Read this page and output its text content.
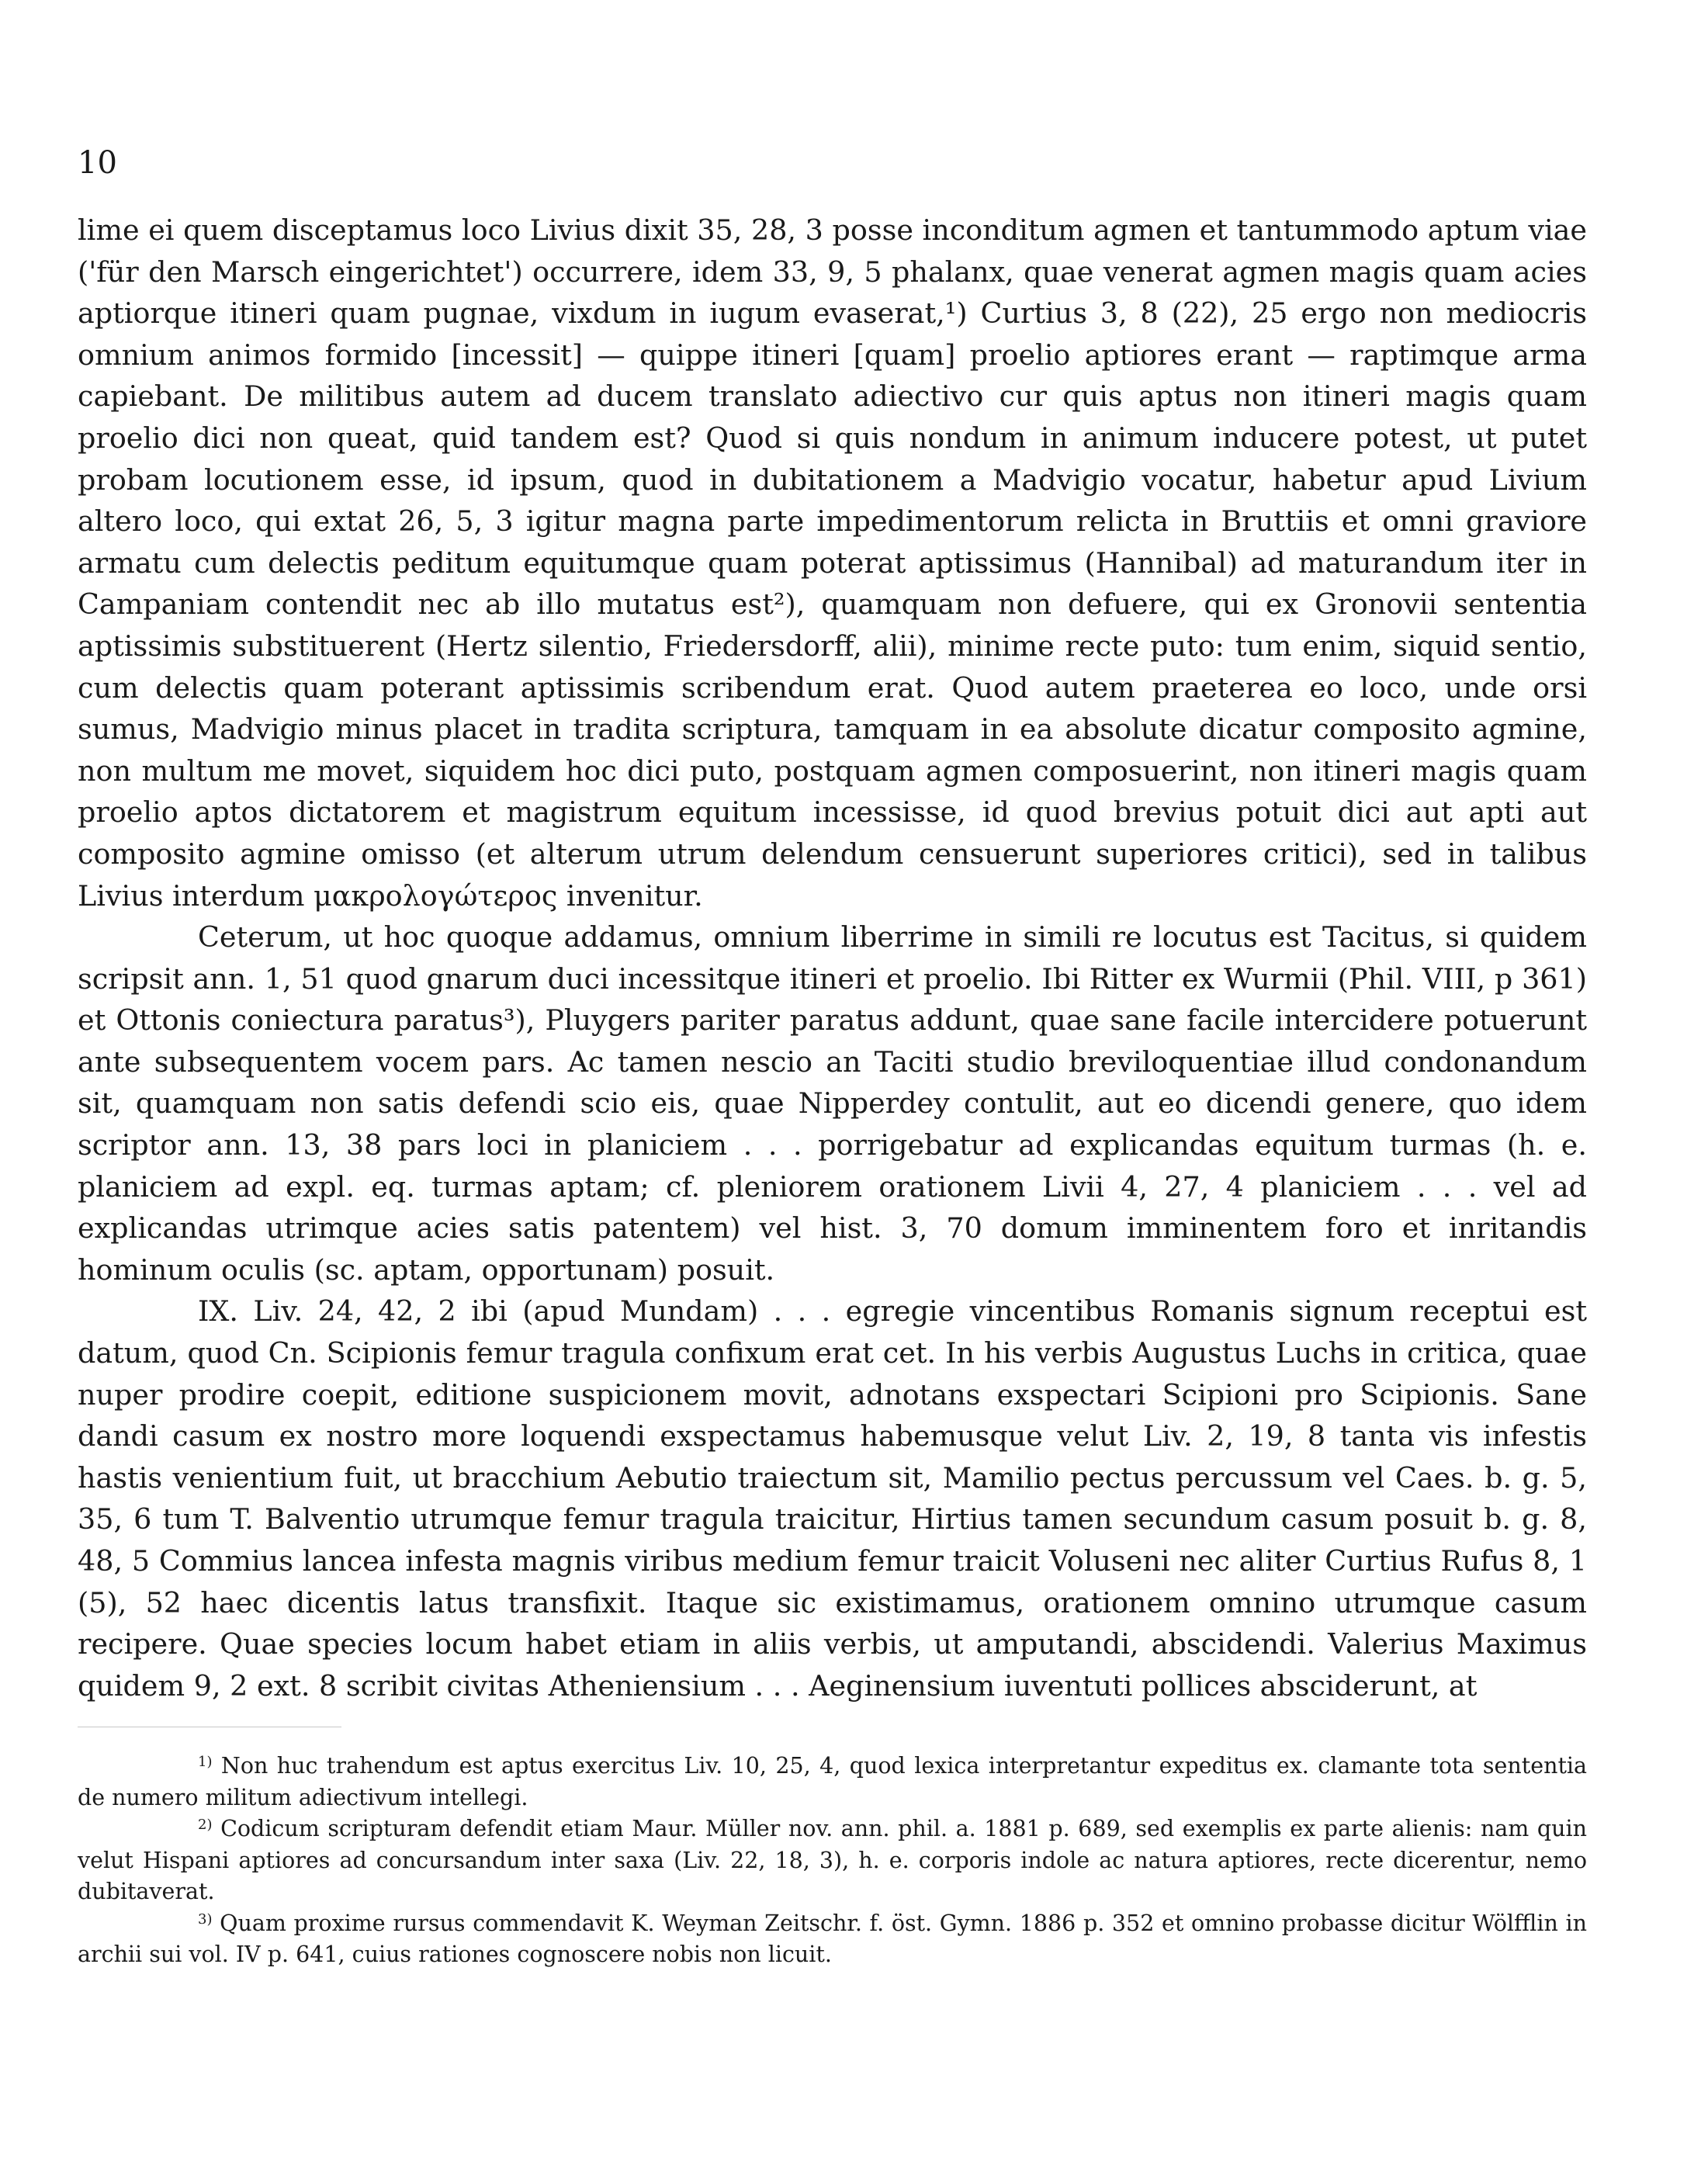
10

lime ei quem disceptamus loco Livius dixit 35, 28, 3 posse inconditum agmen et tantummodo aptum viae ('für den Marsch eingerichtet') occurrere, idem 33, 9, 5 phalanx, quae venerat agmen magis quam acies aptiorque itineri quam pugnae, vixdum in iugum evaserat,¹) Curtius 3, 8 (22), 25 ergo non mediocris omnium animos formido [incessit] — quippe itineri [quam] proelio aptiores erant — raptimque arma capiebant. De militibus autem ad ducem translato adiectivo cur quis aptus non itineri magis quam proelio dici non queat, quid tandem est? Quod si quis nondum in animum inducere potest, ut putet probam locutionem esse, id ipsum, quod in dubitationem a Madvigio vocatur, habetur apud Livium altero loco, qui extat 26, 5, 3 igitur magna parte impedimentorum relicta in Bruttiis et omni graviore armatu cum delectis peditum equitumque quam poterat aptissimus (Hannibal) ad maturandum iter in Campaniam contendit nec ab illo mutatus est²), quamquam non defuere, qui ex Gronovii sententia aptissimis substituerent (Hertz silentio, Friedersdorff, alii), minime recte puto: tum enim, siquid sentio, cum delectis quam poterant aptissimis scribendum erat. Quod autem praeterea eo loco, unde orsi sumus, Madvigio minus placet in tradita scriptura, tamquam in ea absolute dicatur composito agmine, non multum me movet, siquidem hoc dici puto, postquam agmen composuerint, non itineri magis quam proelio aptos dictatorem et magistrum equitum incessisse, id quod brevius potuit dici aut apti aut composito agmine omisso (et alterum utrum delendum censuerunt superiores critici), sed in talibus Livius interdum μακρολογώτερος invenitur.

Ceterum, ut hoc quoque addamus, omnium liberrime in simili re locutus est Tacitus, si quidem scripsit ann. 1, 51 quod gnarum duci incessitque itineri et proelio. Ibi Ritter ex Wurmii (Phil. VIII, p 361) et Ottonis coniectura paratus³), Pluygers pariter paratus addunt, quae sane facile intercidere potuerunt ante subsequentem vocem pars. Ac tamen nescio an Taciti studio breviloquentiae illud condonandum sit, quamquam non satis defendi scio eis, quae Nipperdey contulit, aut eo dicendi genere, quo idem scriptor ann. 13, 38 pars loci in planiciem . . . porrigebatur ad explicandas equitum turmas (h. e. planiciem ad expl. eq. turmas aptam; cf. pleniorem orationem Livii 4, 27, 4 planiciem . . . vel ad explicandas utrimque acies satis patentem) vel hist. 3, 70 domum imminentem foro et inritandis hominum oculis (sc. aptam, opportunam) posuit.

IX. Liv. 24, 42, 2 ibi (apud Mundam) . . . egregie vincentibus Romanis signum receptui est datum, quod Cn. Scipionis femur tragula confixum erat cet. In his verbis Augustus Luchs in critica, quae nuper prodire coepit, editione suspicionem movit, adnotans exspectari Scipioni pro Scipionis. Sane dandi casum ex nostro more loquendi exspectamus habemusque velut Liv. 2, 19, 8 tanta vis infestis hastis venientium fuit, ut bracchium Aebutio traiectum sit, Mamilio pectus percussum vel Caes. b. g. 5, 35, 6 tum T. Balventio utrumque femur tragula traicitur, Hirtius tamen secundum casum posuit b. g. 8, 48, 5 Commius lancea infesta magnis viribus medium femur traicit Voluseni nec aliter Curtius Rufus 8, 1 (5), 52 haec dicentis latus transfixit. Itaque sic existimamus, orationem omnino utrumque casum recipere. Quae species locum habet etiam in aliis verbis, ut amputandi, abscidendi. Valerius Maximus quidem 9, 2 ext. 8 scribit civitas Atheniensium . . . Aeginensium iuventuti pollices absciderunt, at

$^{1)}$ Non huc trahendum est aptus exercitus Liv. 10, 25, 4, quod lexica interpretantur expeditus ex. clamante tota sententia de numero militum adiectivum intellegi.

$^{2)}$ Codicum scripturam defendit etiam Maur. Müller nov. ann. phil. a. 1881 p. 689, sed exemplis ex parte alienis: nam quin velut Hispani aptiores ad concursandum inter saxa (Liv. 22, 18, 3), h. e. corporis indole ac natura aptiores, recte dicerentur, nemo dubitaverat.

$^{3)}$ Quam proxime rursus commendavit K. Weyman Zeitschr. f. öst. Gymn. 1886 p. 352 et omnino probasse dicitur Wölfflin in archii sui vol. IV p. 641, cuius rationes cognoscere nobis non licuit.
